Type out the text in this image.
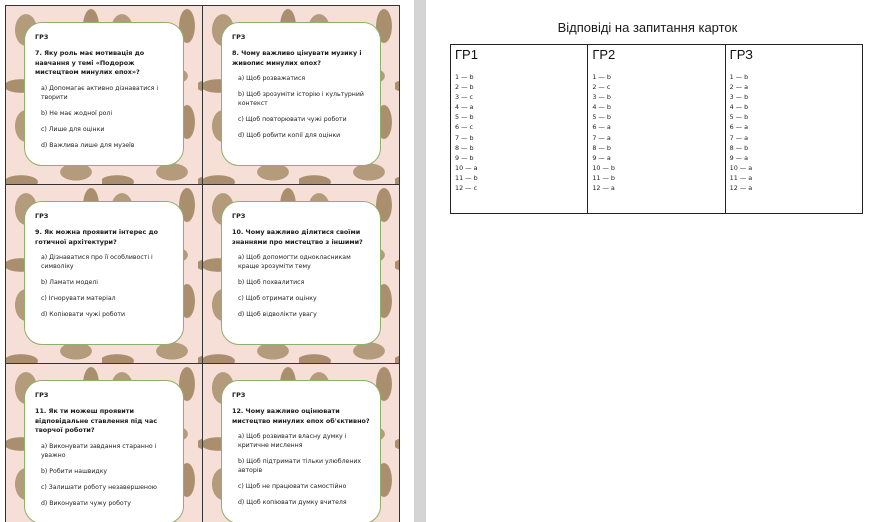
ГРЗ
7. Яку роль має мотивація до навчання у темі «Подорож мистецтвом минулих епох»?
а) Допомагає активно дізнаватися і творити
b) Не має жодної ролі
c) Лише для оцінки
d) Важлива лише для музеїв
ГРЗ
8. Чому важливо цінувати музику і живопис минулих епох?
а) Щоб розважатися
b) Щоб зрозуміти історію і культурний контекст
c) Щоб повторювати чужі роботи
d) Щоб робити копії для оцінки
ГРЗ
9. Як можна проявити інтерес до готичної архітектури?
а) Дізнаватися про її особливості і символіку
b) Ламати моделі
c) Ігнорувати матеріал
d) Копіювати чужі роботи
ГРЗ
10. Чому важливо ділитися своїми знаннями про мистецтво з іншими?
а) Щоб допомогти однокласникам краще зрозуміти тему
b) Щоб похвалитися
c) Щоб отримати оцінку
d) Щоб відволікти увагу
ГРЗ
11. Як ти можеш проявити відповідальне ставлення під час творчої роботи?
а) Виконувати завдання старанно і уважно
b) Робити нашвидку
c) Залишати роботу незавершеною
d) Виконувати чужу роботу
ГРЗ
12. Чому важливо оцінювати мистецтво минулих епох об'єктивно?
а) Щоб розвивати власну думку і критичне мислення
b) Щоб підтримати тільки улюблених авторів
c) Щоб не працювати самостійно
d) Щоб копіювати думку вчителя
Відповіді на запитання карток
ГР1
1 — b
2 — b
3 — c
4 — a
5 — b
6 — c
7 — b
8 — b
9 — b
10 — a
11 — b
12 — c

ГР2
1 — b
2 — c
3 — b
4 — b
5 — b
6 — a
7 — a
8 — b
9 — a
10 — b
11 — b
12 — a

ГРЗ
1 — b
2 — a
3 — b
4 — b
5 — b
6 — a
7 — a
8 — b
9 — a
10 — a
11 — a
12 — a
